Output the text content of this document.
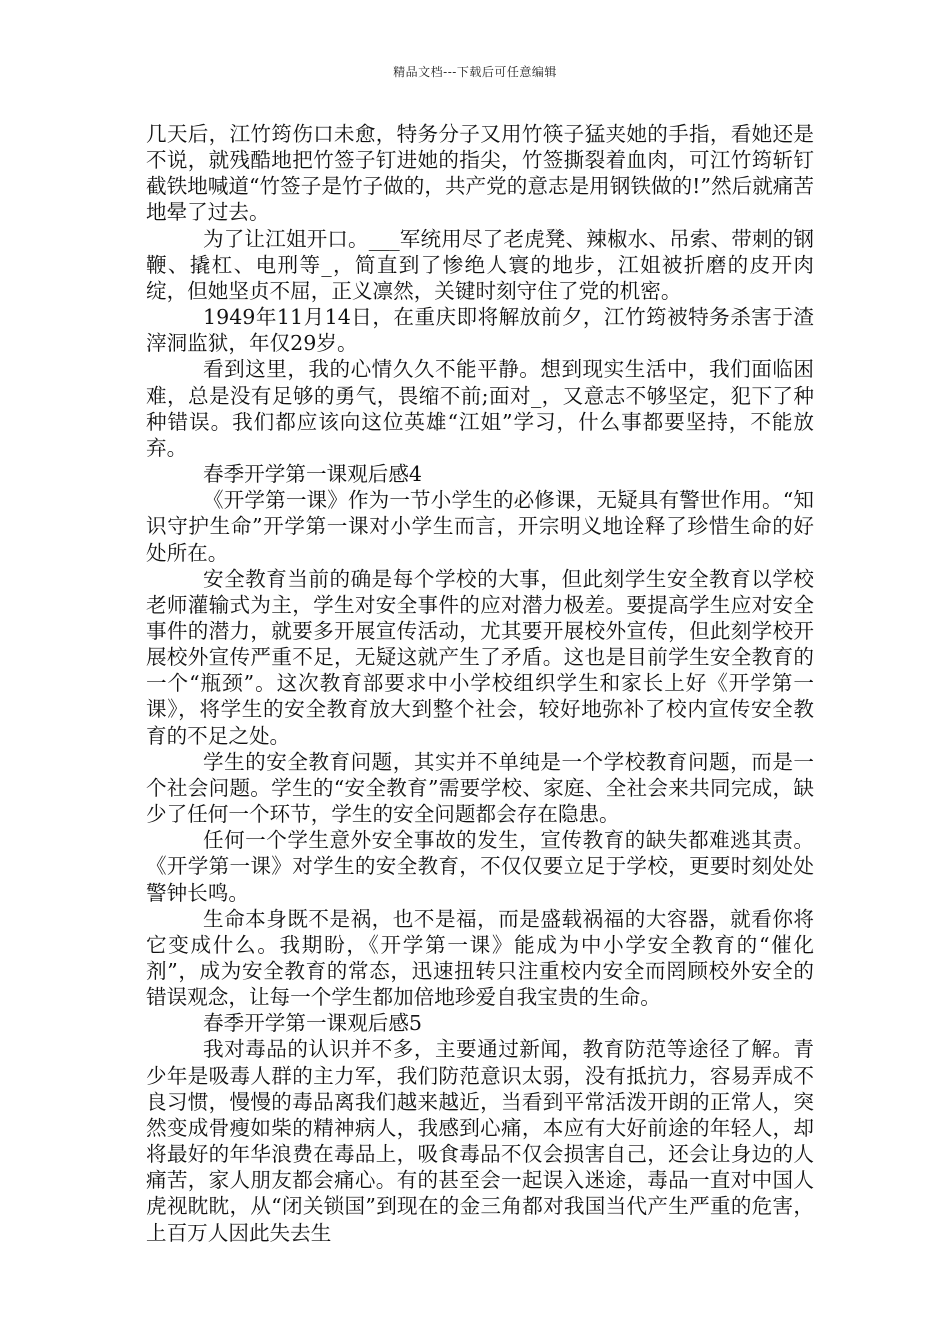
精品文档---下载后可任意编辑

几天后，江竹筠伤口未愈，特务分子又用竹筷子猛夹她的手指，看她还是不说，就残酷地把竹签子钉进她的指尖，竹签撕裂着血肉，可江竹筠斩钉截铁地喊道“竹签子是竹子做的，共产党的意志是用钢铁做的!”然后就痛苦地晕了过去。

为了让江姐开口。___军统用尽了老虎凳、辣椒水、吊索、带刺的钢鞭、撬杠、电刑等_，简直到了惨绝人寰的地步，江姐被折磨的皮开肉绽，但她坚贞不屈，正义凛然，关键时刻守住了党的机密。

1949年11月14日，在重庆即将解放前夕，江竹筠被特务杀害于渣滓洞监狱，年仅29岁。

看到这里，我的心情久久不能平静。想到现实生活中，我们面临困难，总是没有足够的勇气，畏缩不前;面对_，又意志不够坚定，犯下了种种错误。我们都应该向这位英雄“江姐”学习，什么事都要坚持，不能放弃。

春季开学第一课观后感4

《开学第一课》作为一节小学生的必修课，无疑具有警世作用。“知识守护生命”开学第一课对小学生而言，开宗明义地诠释了珍惜生命的好处所在。

安全教育当前的确是每个学校的大事，但此刻学生安全教育以学校老师灌输式为主，学生对安全事件的应对潜力极差。要提高学生应对安全事件的潜力，就要多开展宣传活动，尤其要开展校外宣传，但此刻学校开展校外宣传严重不足，无疑这就产生了矛盾。这也是目前学生安全教育的一个“瓶颈”。这次教育部要求中小学校组织学生和家长上好《开学第一课》，将学生的安全教育放大到整个社会，较好地弥补了校内宣传安全教育的不足之处。

学生的安全教育问题，其实并不单纯是一个学校教育问题，而是一个社会问题。学生的“安全教育”需要学校、家庭、全社会来共同完成，缺少了任何一个环节，学生的安全问题都会存在隐患。

任何一个学生意外安全事故的发生，宣传教育的缺失都难逃其责。《开学第一课》对学生的安全教育，不仅仅要立足于学校，更要时刻处处警钟长鸣。

生命本身既不是祸，也不是福，而是盛载祸福的大容器，就看你将它变成什么。我期盼，《开学第一课》能成为中小学安全教育的“催化剂”，成为安全教育的常态，迅速扭转只注重校内安全而罔顾校外安全的错误观念，让每一个学生都加倍地珍爱自我宝贵的生命。

春季开学第一课观后感5

我对毒品的认识并不多，主要通过新闻，教育防范等途径了解。青少年是吸毒人群的主力军，我们防范意识太弱，没有抵抗力，容易弄成不良习惯，慢慢的毒品离我们越来越近，当看到平常活泼开朗的正常人，突然变成骨瘦如柴的精神病人，我感到心痛，本应有大好前途的年轻人，却将最好的年华浪费在毒品上，吸食毒品不仅会损害自己，还会让身边的人痛苦，家人朋友都会痛心。有的甚至会一起误入迷途，毒品一直对中国人虎视眈眈，从“闭关锁国”到现在的金三角都对我国当代产生严重的危害，上百万人因此失去生
